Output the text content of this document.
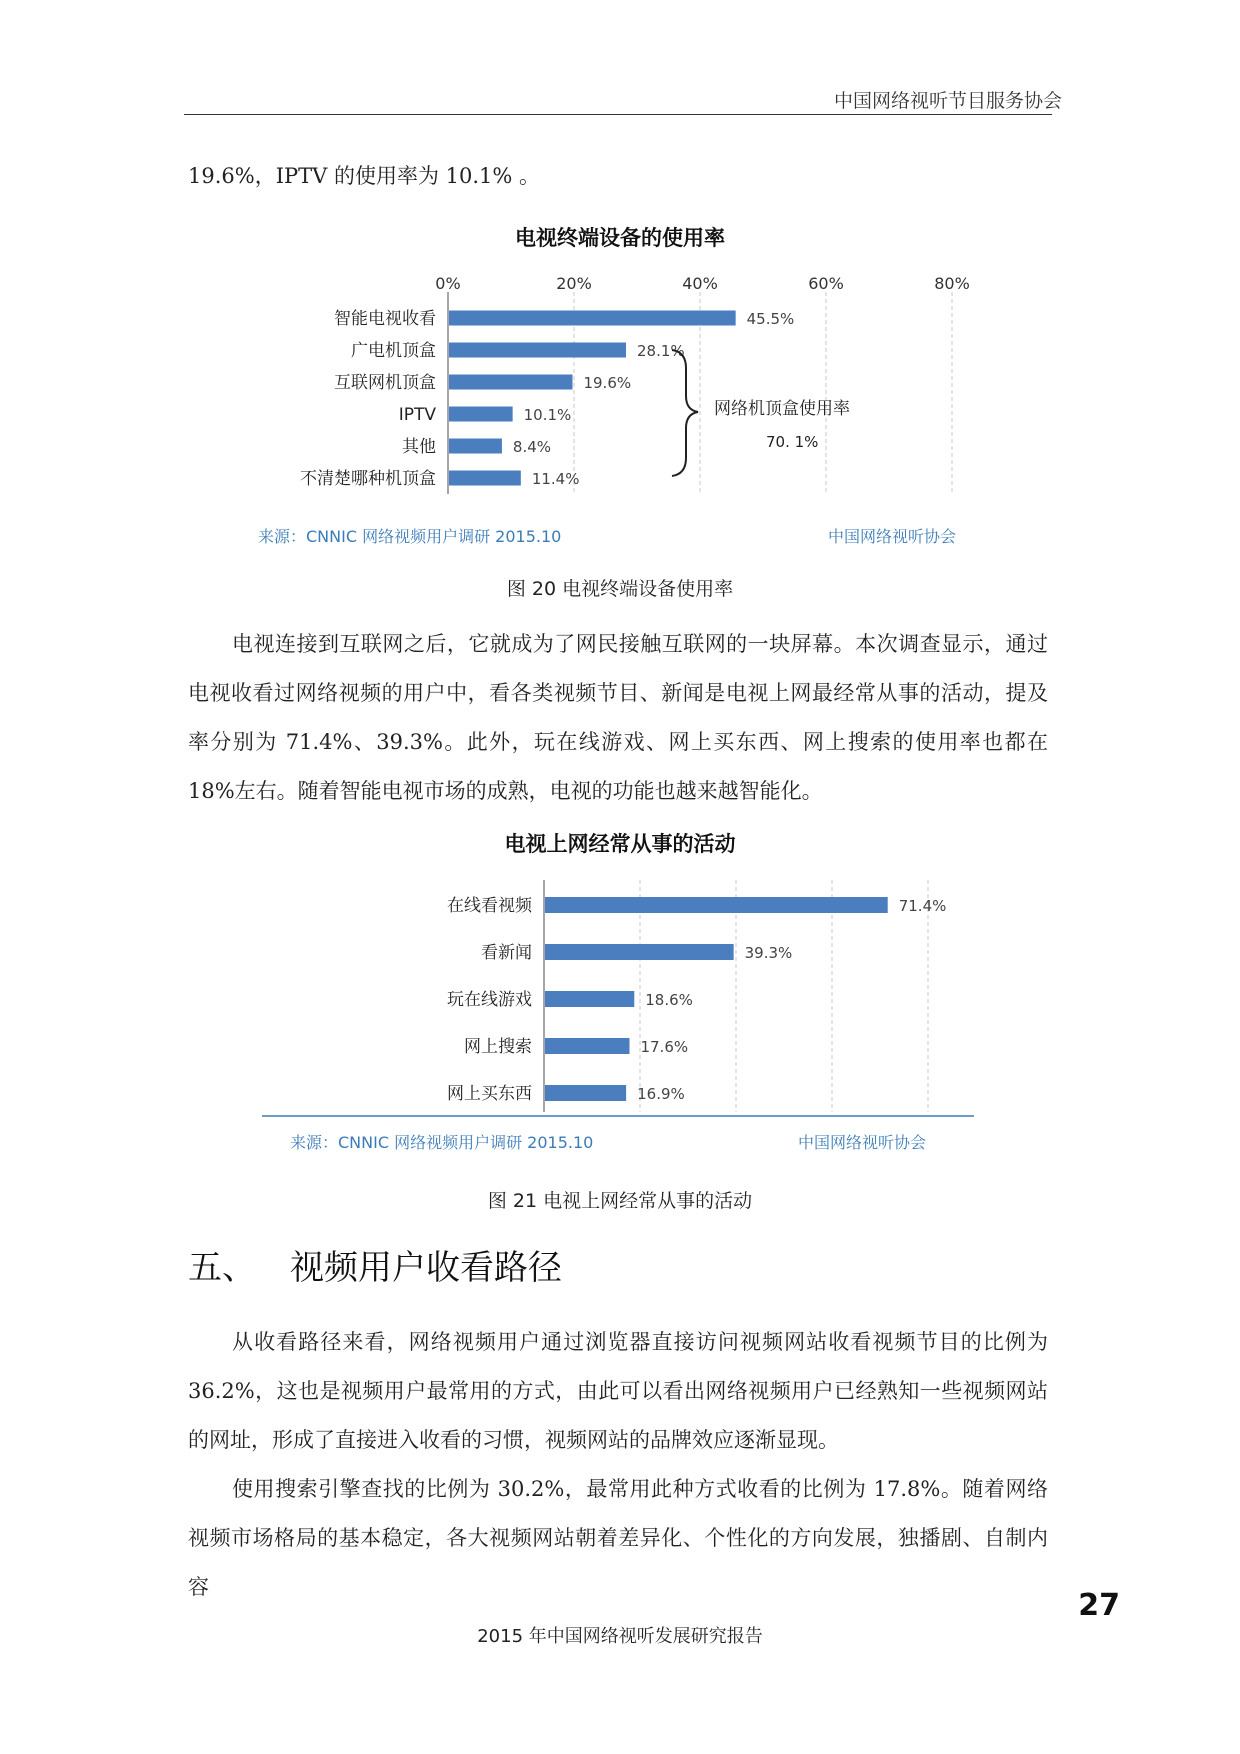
中国网络视听节目服务协会
19.6%，IPTV 的使用率为 10.1% 。
电视终端设备的使用率
0%	20%	40%	60%	80%
智能电视收看	45.5%
广电机顶盒	28.1%
互联网机顶盒	19.6%
IPTV	10.1%
其他	8.4%
不清楚哪种机顶盒	11.4%
网络机顶盒使用率
70. 1%
来源：CNNIC 网络视频用户调研 2015.10	中国网络视听协会
图 20 电视终端设备使用率

电视连接到互联网之后，它就成为了网民接触互联网的一块屏幕。本次调查显示，通过电视收看过网络视频的用户中，看各类视频节目、新闻是电视上网最经常从事的活动，提及率分别为 71.4%、39.3%。此外，玩在线游戏、网上买东西、网上搜索的使用率也都在 18%左右。随着智能电视市场的成熟，电视的功能也越来越智能化。

电视上网经常从事的活动
在线看视频	71.4%
看新闻	39.3%
玩在线游戏	18.6%
网上搜索	17.6%
网上买东西	16.9%
来源：CNNIC 网络视频用户调研 2015.10	中国网络视听协会
图 21 电视上网经常从事的活动
五、 视频用户收看路径

从收看路径来看，网络视频用户通过浏览器直接访问视频网站收看视频节目的比例为 36.2%，这也是视频用户最常用的方式，由此可以看出网络视频用户已经熟知一些视频网站的网址，形成了直接进入收看的习惯，视频网站的品牌效应逐渐显现。

使用搜索引擎查找的比例为 30.2%，最常用此种方式收看的比例为 17.8%。随着网络视频市场格局的基本稳定，各大视频网站朝着差异化、个性化的方向发展，独播剧、自制内容

27
2015 年中国网络视听发展研究报告
